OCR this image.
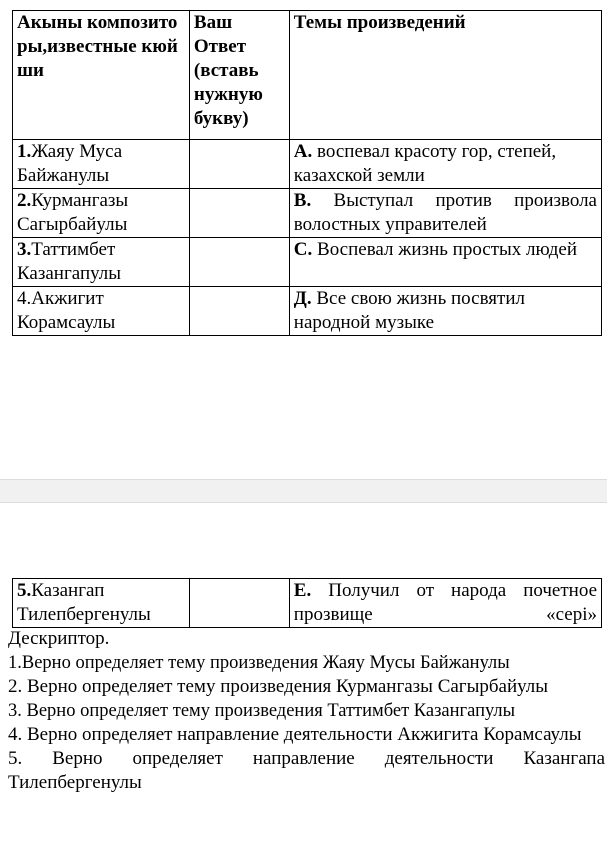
Акыны композиторы,известные кюйши	Ваш Ответ (вставь нужную букву)	Темы произведений
1.Жаяу Муса Байжанулы		А. воспевал красоту гор, степей, казахской земли
2.Курмангазы Сагырбайулы		В. Выступал против произвола волостных управителей
3.Таттимбет Казангапулы		С. Воспевал жизнь простых людей
4.Акжигит Корамсаулы		Д. Все свою жизнь посвятил народной музыке
5.Казангап Тилепбергенулы		Е. Получил от народа почетное прозвище «сері»
Дескриптор.
1.Верно определяет тему произведения Жаяу Мусы Байжанулы
2. Верно определяет тему произведения Курмангазы Сагырбайулы
3. Верно определяет тему произведения Таттимбет Казангапулы
4. Верно определяет направление деятельности Акжигита Корамсаулы
5. Верно определяет направление деятельности Казангапа Тилепбергенулы
